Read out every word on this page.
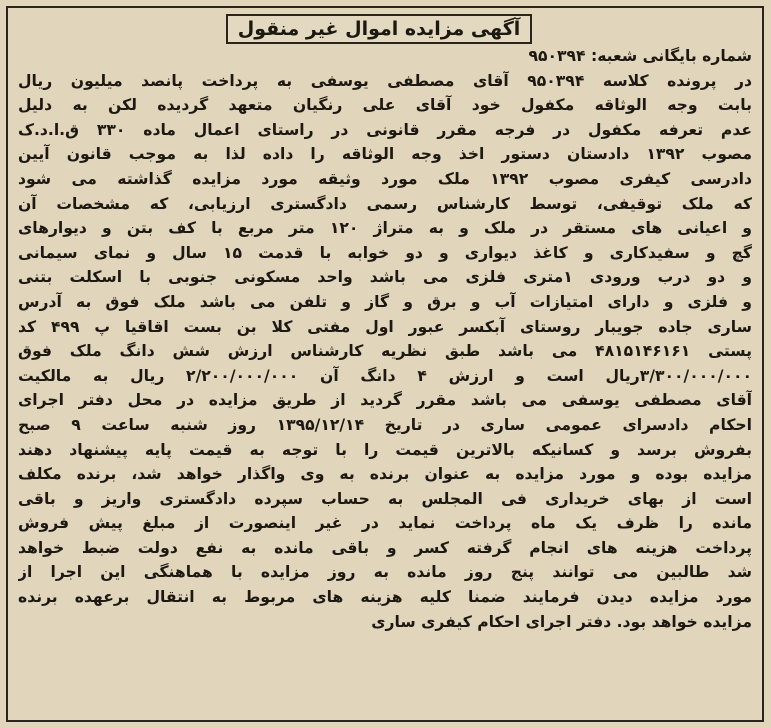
آگهی مزایده اموال غیر منقول
شماره بایگانی شعبه: ۹۵۰۳۹۴
در پرونده کلاسه ۹۵۰۳۹۴ آقای مصطفی یوسفی به پرداخت پانصد میلیون ریال
بابت وجه الوثاقه مکفول خود آقای علی رنگیان متعهد گردیده لکن به دلیل
عدم تعرفه مکفول در فرجه مقرر قانونی در راستای اعمال ماده ۳۳۰ ق.ا.د.ک
مصوب ۱۳۹۲ دادستان دستور اخذ وجه الوثاقه را داده لذا به موجب قانون آیین
دادرسی کیفری مصوب ۱۳۹۲ ملک مورد وثیقه مورد مزایده گذاشته می شود
که ملک توقیفی، توسط کارشناس رسمی دادگستری ارزیابی، که مشخصات آن
و اعیانی های مستقر در ملک و به متراژ ۱۲۰ متر مربع با کف بتن و دیوارهای
گچ و سفیدکاری و کاغذ دیواری و دو خوابه با قدمت ۱۵ سال و نمای سیمانی
و دو درب ورودی ۱متری فلزی می باشد واحد مسکونی جنوبی با اسکلت بتنی
و فلزی و دارای امتیازات آب و برق و گاز و تلفن می باشد ملک فوق به آدرس
ساری جاده جویبار روستای آبکسر عبور اول مفتی کلا بن بست اقاقیا پ ۴۹۹ کد
پستی ۴۸۱۵۱۴۶۱۶۱ می باشد طبق نظریه کارشناس ارزش شش دانگ ملک فوق
۳/۳۰۰/۰۰۰/۰۰۰ریال است و ارزش ۴ دانگ آن ۲/۲۰۰/۰۰۰/۰۰۰ ریال به مالکیت
آقای مصطفی یوسفی می باشد مقرر گردید از طریق مزایده در محل دفتر اجرای
احکام دادسرای عمومی ساری در تاریخ ۱۳۹۵/۱۲/۱۴ روز شنبه ساعت ۹ صبح
بفروش برسد و کسانیکه بالاترین قیمت را با توجه به قیمت پایه پیشنهاد دهند
مزایده بوده و مورد مزایده به عنوان برنده به وی واگذار خواهد شد، برنده مکلف
است از بهای خریداری فی المجلس به حساب سپرده دادگستری واریز و باقی
مانده را ظرف یک ماه پرداخت نماید در غیر اینصورت از مبلغ پیش فروش
پرداخت هزینه های انجام گرفته کسر و باقی مانده به نفع دولت ضبط خواهد
شد طالبین می توانند پنج روز مانده به روز مزایده با هماهنگی این اجرا از
مورد مزایده دیدن فرمایند ضمنا کلیه هزینه های مربوط به انتقال برعهده برنده
مزایده خواهد بود. دفتر اجرای احکام کیفری ساری
